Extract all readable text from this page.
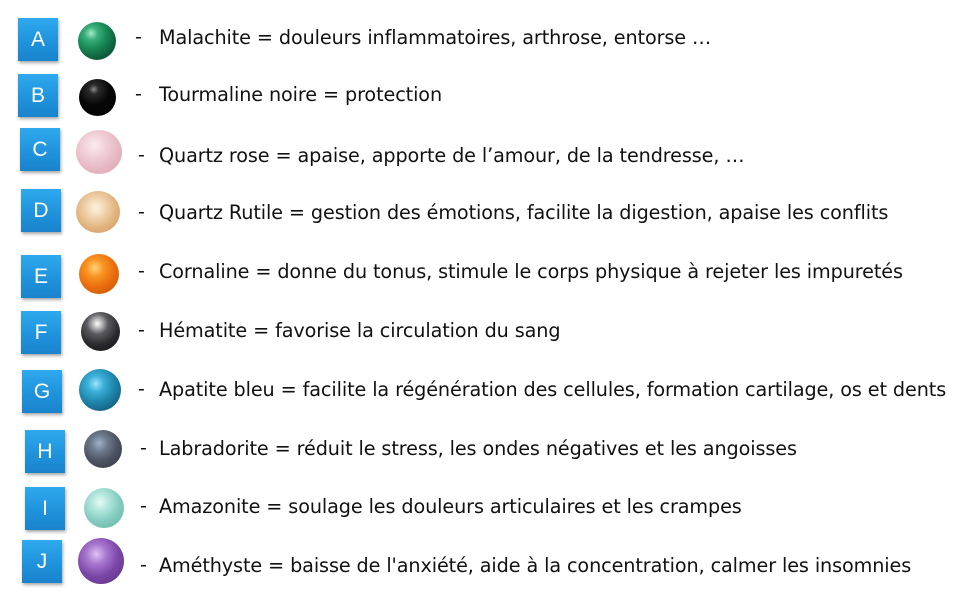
A	- Malachite = douleurs inflammatoires, arthrose, entorse …
B	- Tourmaline noire = protection
C	- Quartz rose = apaise, apporte de l’amour, de la tendresse, …
D	- Quartz Rutile = gestion des émotions, facilite la digestion, apaise les conflits
E	- Cornaline = donne du tonus, stimule le corps physique à rejeter les impuretés
F	- Hématite = favorise la circulation du sang
G	- Apatite bleu = facilite la régénération des cellules, formation cartilage, os et dents
H	- Labradorite = réduit le stress, les ondes négatives et les angoisses
I	- Amazonite = soulage les douleurs articulaires et les crampes
J	- Améthyste = baisse de l'anxiété, aide à la concentration, calmer les insomnies
